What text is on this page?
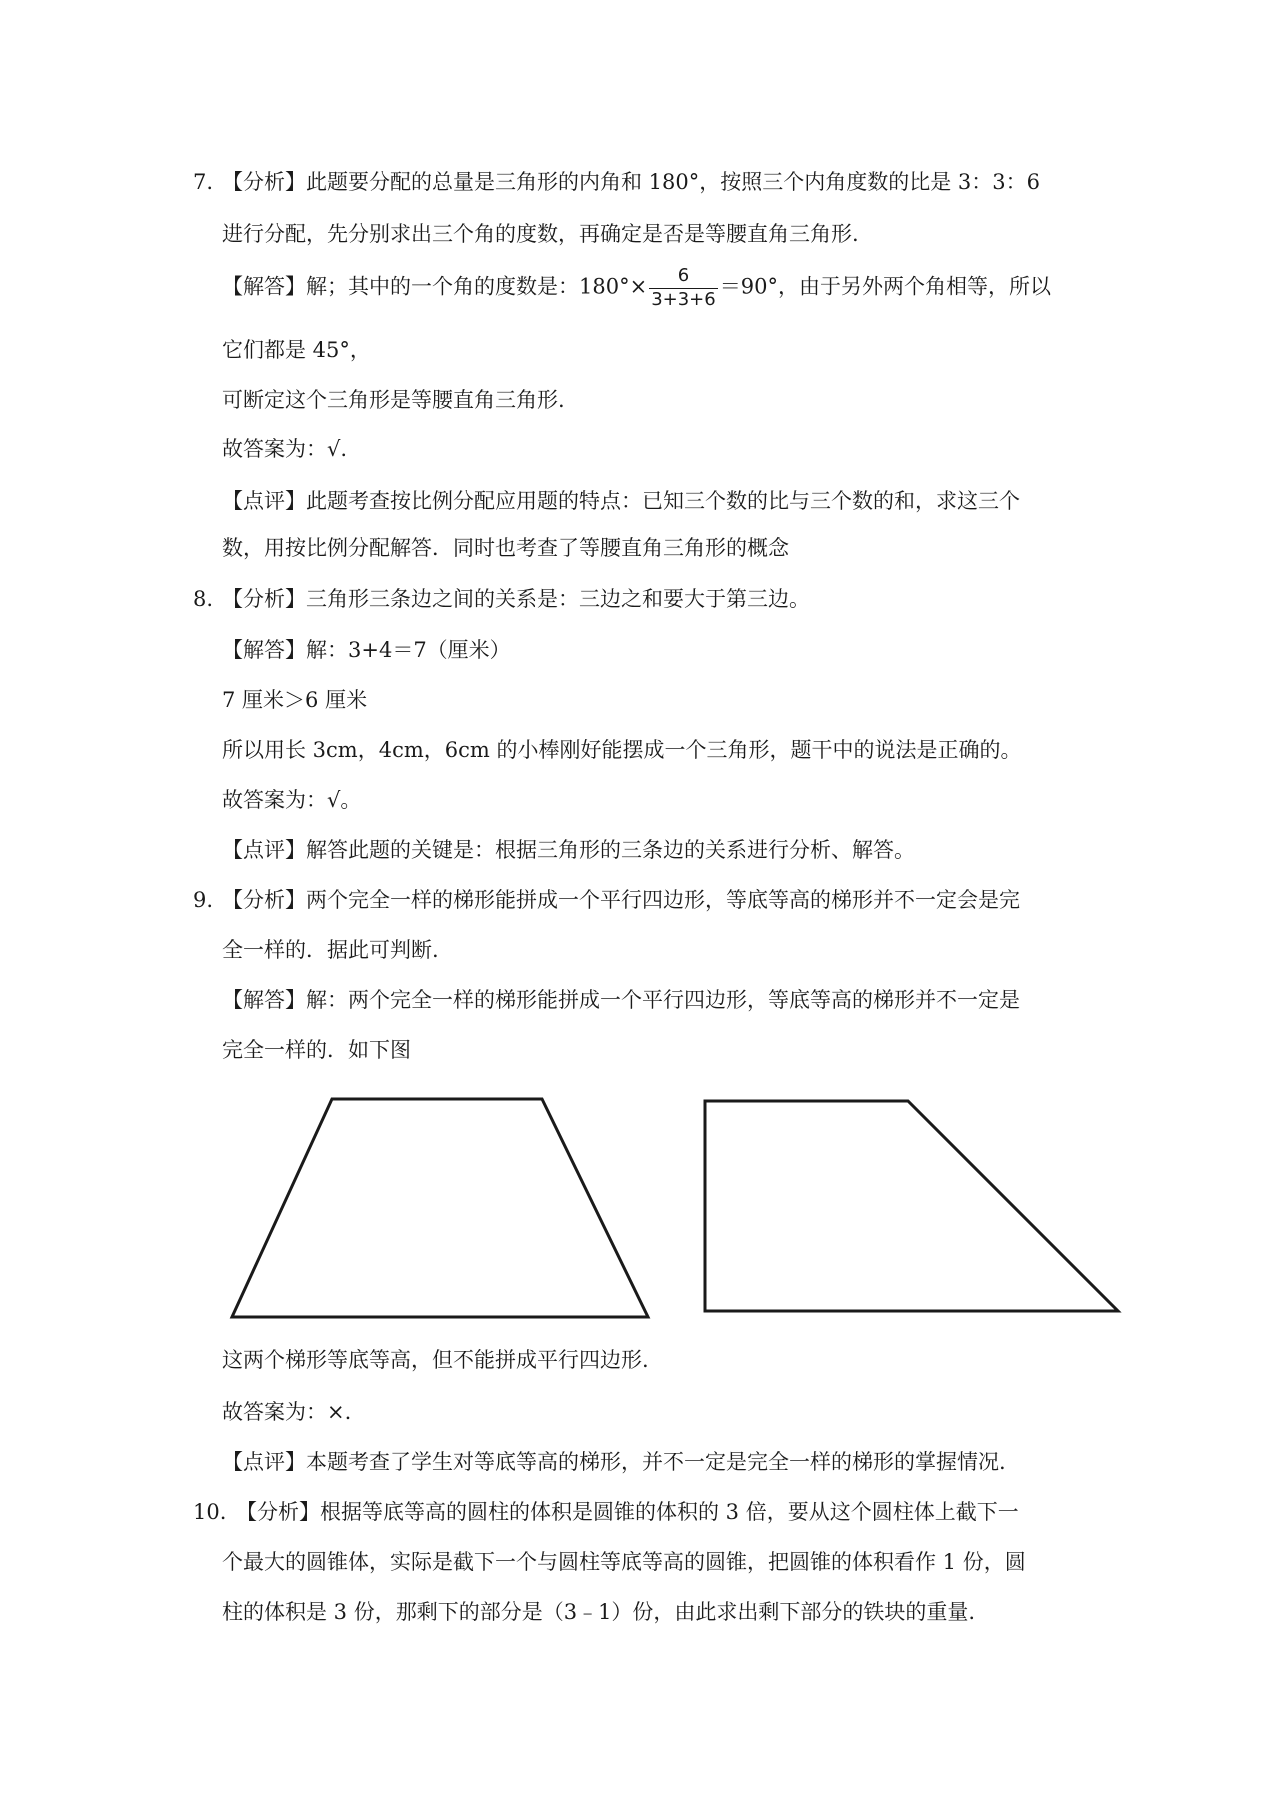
7. 【分析】此题要分配的总量是三角形的内角和 180°，按照三个内角度数的比是 3：3：6
进行分配，先分别求出三个角的度数，再确定是否是等腰直角三角形.
【解答】解；其中的一个角的度数是：$180^\circ\times \frac{6}{3+3+6} =90^\circ$，由于另外两个角相等，所以
它们都是 45°，
可断定这个三角形是等腰直角三角形.
故答案为：√.
【点评】此题考查按比例分配应用题的特点：已知三个数的比与三个数的和，求这三个
数，用按比例分配解答．同时也考查了等腰直角三角形的概念
8. 【分析】三角形三条边之间的关系是：三边之和要大于第三边。
【解答】解：3+4＝7（厘米）
7 厘米＞6 厘米
所以用长 3cm，4cm，6cm 的小棒刚好能摆成一个三角形，题干中的说法是正确的。
故答案为：√。
【点评】解答此题的关键是：根据三角形的三条边的关系进行分析、解答。
9. 【分析】两个完全一样的梯形能拼成一个平行四边形，等底等高的梯形并不一定会是完
全一样的．据此可判断.
【解答】解：两个完全一样的梯形能拼成一个平行四边形，等底等高的梯形并不一定是
完全一样的．如下图
这两个梯形等底等高，但不能拼成平行四边形.
故答案为：×.
【点评】本题考查了学生对等底等高的梯形，并不一定是完全一样的梯形的掌握情况.
10. 【分析】根据等底等高的圆柱的体积是圆锥的体积的 3 倍，要从这个圆柱体上截下一
个最大的圆锥体，实际是截下一个与圆柱等底等高的圆锥，把圆锥的体积看作 1 份，圆
柱的体积是 3 份，那剩下的部分是（3﹣1）份，由此求出剩下部分的铁块的重量.
